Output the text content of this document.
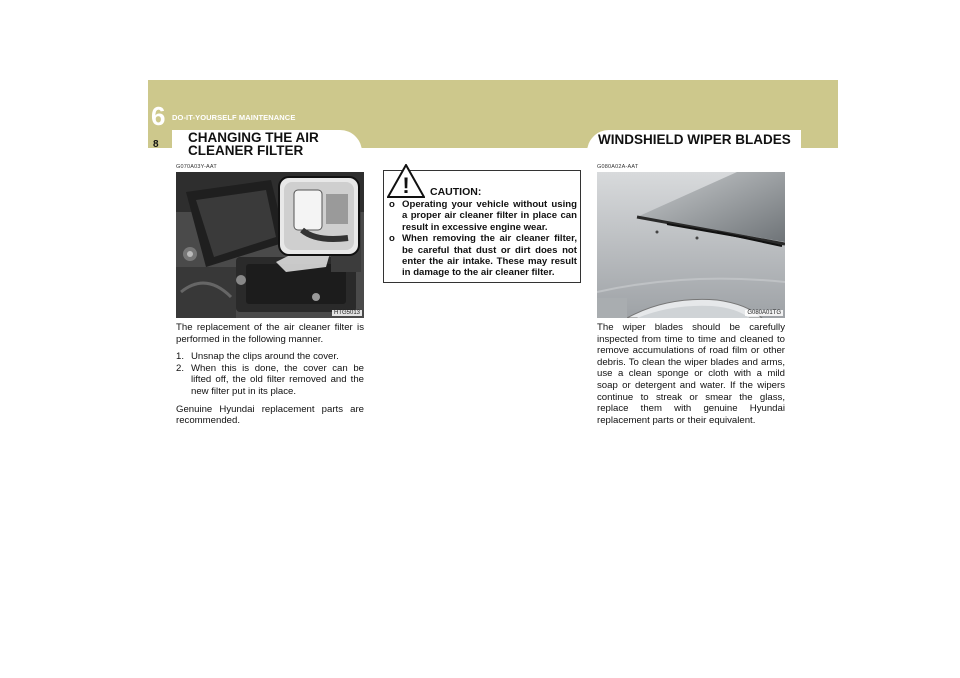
6 DO-IT-YOURSELF MAINTENANCE
8 CHANGING THE AIR CLEANER FILTER
WINDSHIELD WIPER BLADES
G070A03Y-AAT
HTG5013

The replacement of the air cleaner filter is performed in the following manner.

1. Unsnap the clips around the cover.
2. When this is done, the cover can be lifted off, the old filter removed and the new filter put in its place.

Genuine Hyundai replacement parts are recommended.

o Operating your vehicle without using a proper air cleaner filter in place can result in excessive engine wear.
o When removing the air cleaner filter, be careful that dust or dirt does not enter the air intake. These may result in damage to the air cleaner filter.
! CAUTION:
G080A02A-AAT
G080A01TG

The wiper blades should be carefully inspected from time to time and cleaned to remove accumulations of road film or other debris. To clean the wiper blades and arms, use a clean sponge or cloth with a mild soap or detergent and water. If the wipers continue to streak or smear the glass, replace them with genuine Hyundai replacement parts or their equivalent.
